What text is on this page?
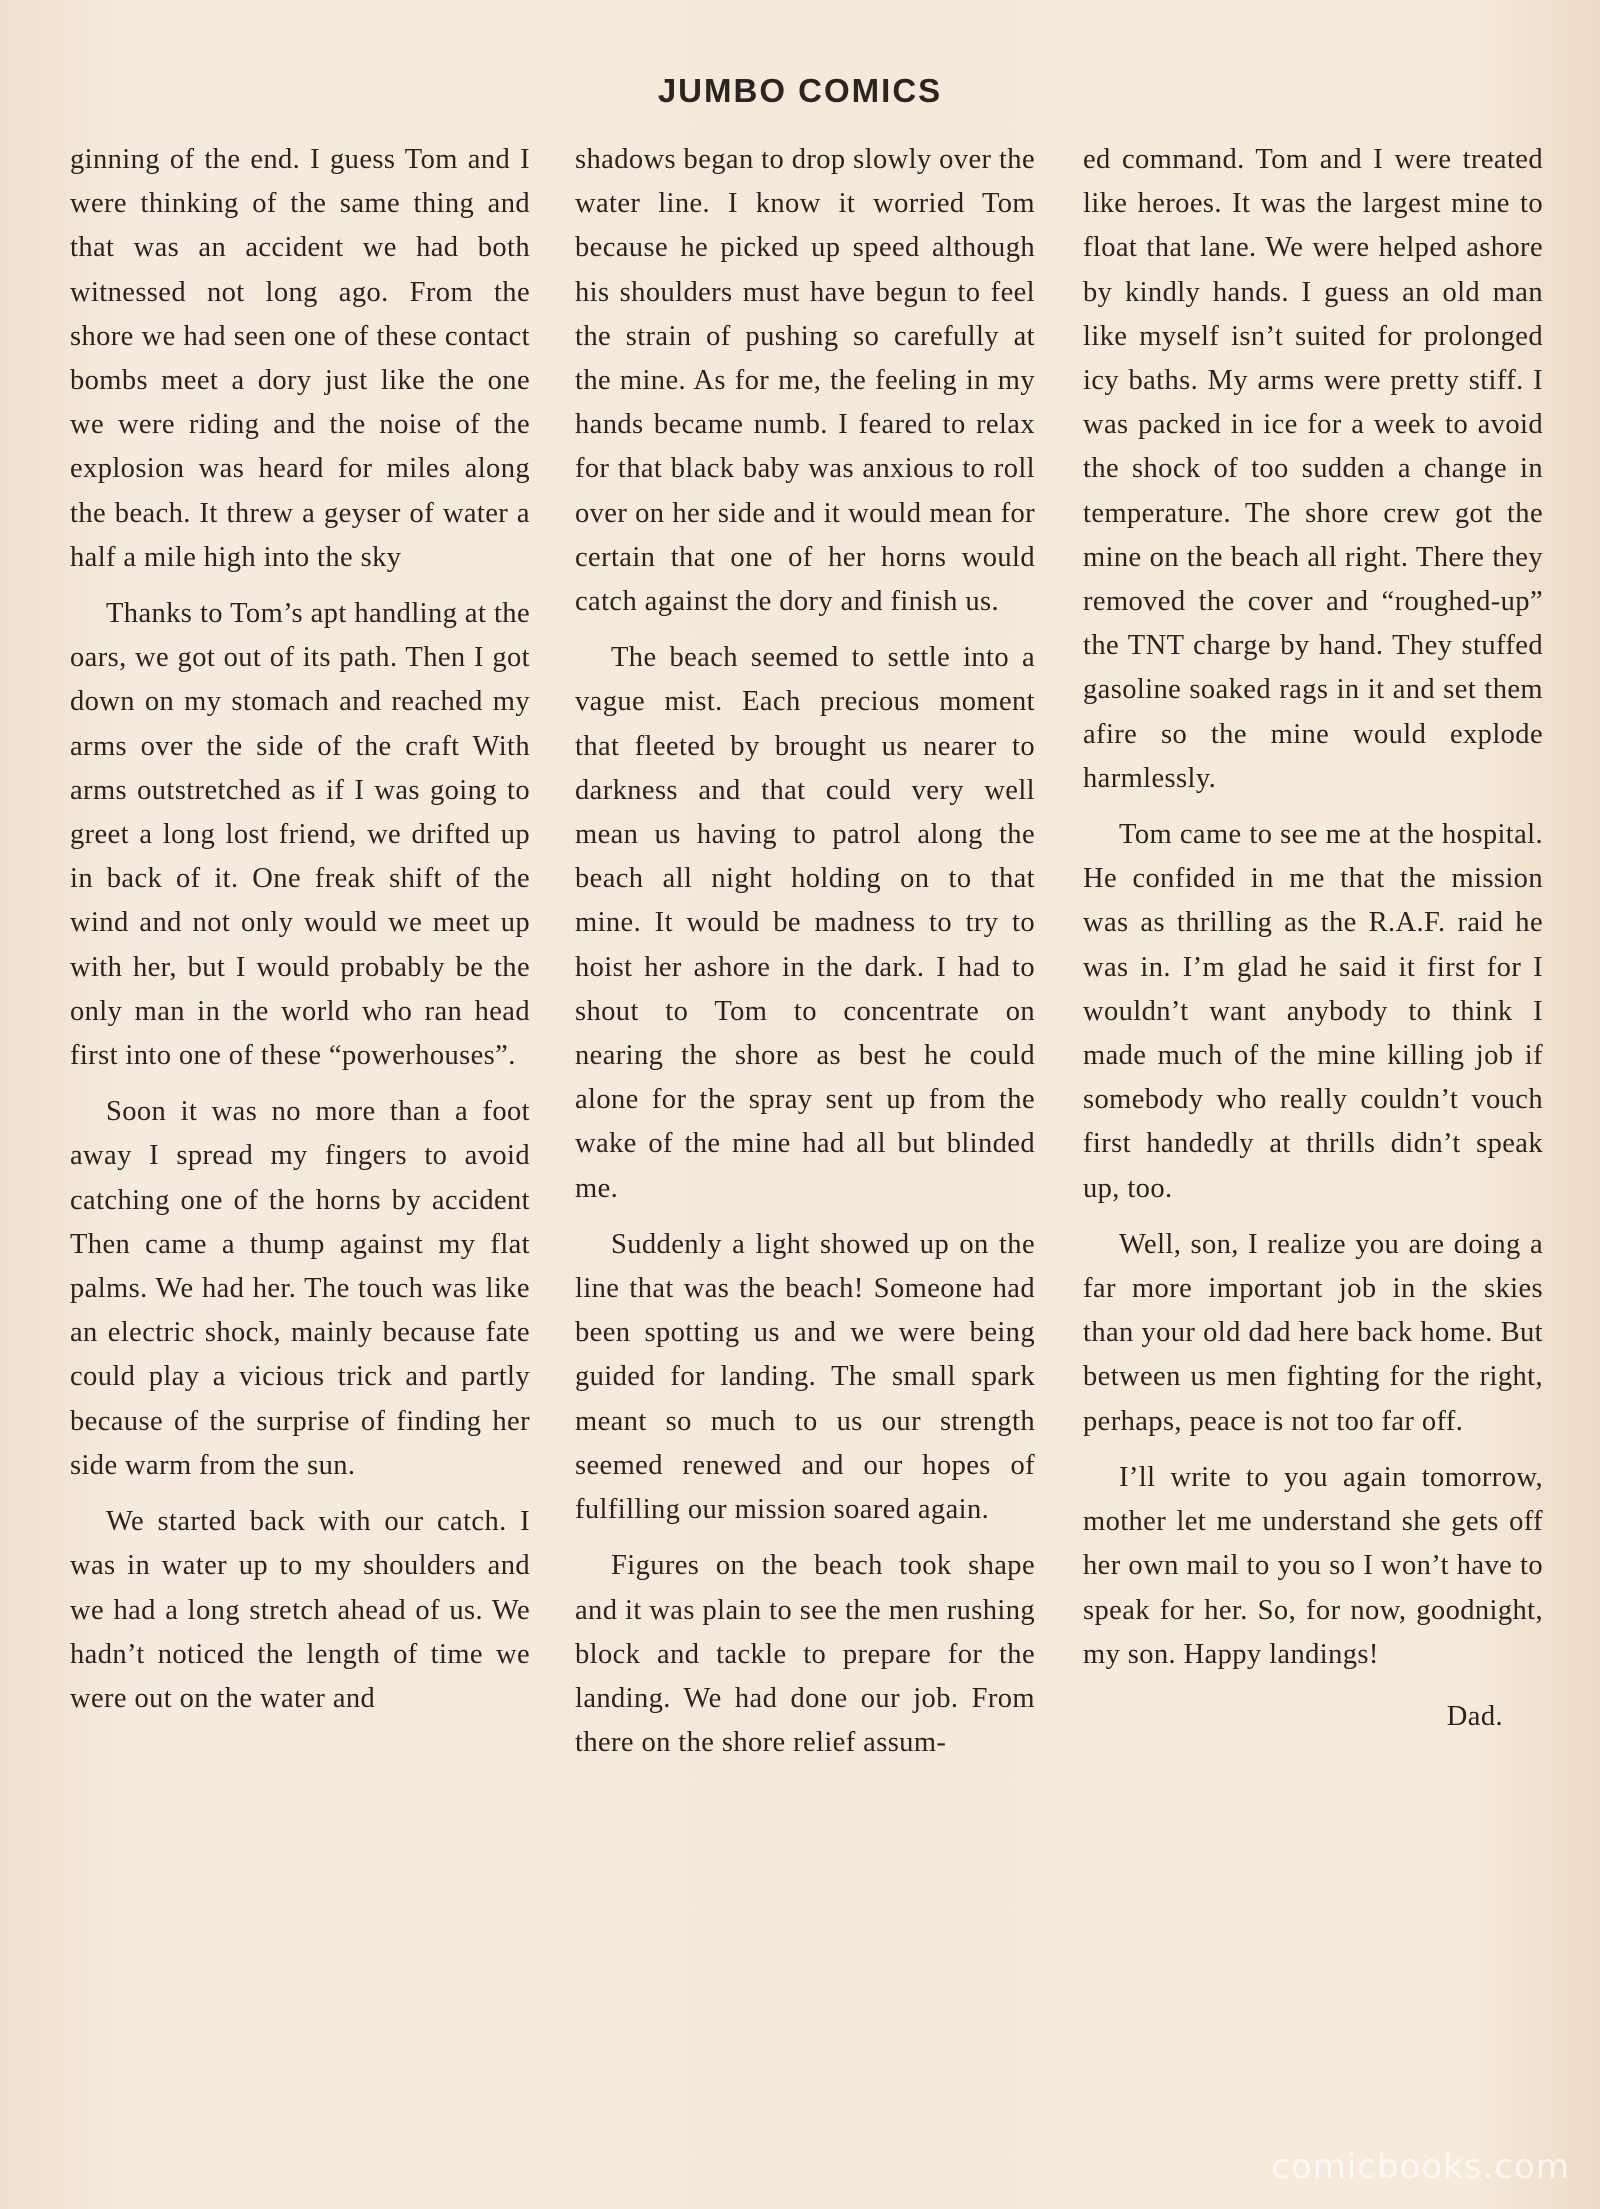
JUMBO COMICS

ginning of the end. I guess Tom and I were thinking of the same thing and that was an accident we had both witnessed not long ago. From the shore we had seen one of these contact bombs meet a dory just like the one we were riding and the noise of the explosion was heard for miles along the beach. It threw a geyser of water a half a mile high into the sky

Thanks to Tom’s apt handling at the oars, we got out of its path. Then I got down on my stomach and reached my arms over the side of the craft With arms outstretched as if I was going to greet a long lost friend, we drifted up in back of it. One freak shift of the wind and not only would we meet up with her, but I would probably be the only man in the world who ran head first into one of these “powerhouses”.

Soon it was no more than a foot away I spread my fingers to avoid catching one of the horns by accident Then came a thump against my flat palms. We had her. The touch was like an electric shock, mainly because fate could play a vicious trick and partly because of the surprise of finding her side warm from the sun.

We started back with our catch. I was in water up to my shoulders and we had a long stretch ahead of us. We hadn’t noticed the length of time we were out on the water and

shadows began to drop slowly over the water line. I know it worried Tom because he picked up speed although his shoulders must have begun to feel the strain of pushing so carefully at the mine. As for me, the feeling in my hands became numb. I feared to relax for that black baby was anxious to roll over on her side and it would mean for certain that one of her horns would catch against the dory and finish us.

The beach seemed to settle into a vague mist. Each precious moment that fleeted by brought us nearer to darkness and that could very well mean us having to patrol along the beach all night holding on to that mine. It would be madness to try to hoist her ashore in the dark. I had to shout to Tom to concentrate on nearing the shore as best he could alone for the spray sent up from the wake of the mine had all but blinded me.

Suddenly a light showed up on the line that was the beach! Someone had been spotting us and we were being guided for landing. The small spark meant so much to us our strength seemed renewed and our hopes of fulfilling our mission soared again.

Figures on the beach took shape and it was plain to see the men rushing block and tackle to prepare for the landing. We had done our job. From there on the shore relief assum-

ed command. Tom and I were treated like heroes. It was the largest mine to float that lane. We were helped ashore by kindly hands. I guess an old man like myself isn’t suited for prolonged icy baths. My arms were pretty stiff. I was packed in ice for a week to avoid the shock of too sudden a change in temperature. The shore crew got the mine on the beach all right. There they removed the cover and “roughed-up” the TNT charge by hand. They stuffed gasoline soaked rags in it and set them afire so the mine would explode harmlessly.

Tom came to see me at the hospital. He confided in me that the mission was as thrilling as the R.A.F. raid he was in. I’m glad he said it first for I wouldn’t want anybody to think I made much of the mine killing job if somebody who really couldn’t vouch first handedly at thrills didn’t speak up, too.

Well, son, I realize you are doing a far more important job in the skies than your old dad here back home. But between us men fighting for the right, perhaps, peace is not too far off.

I’ll write to you again tomorrow, mother let me understand she gets off her own mail to you so I won’t have to speak for her. So, for now, goodnight, my son. Happy landings!

Dad.

comicbooks.com
